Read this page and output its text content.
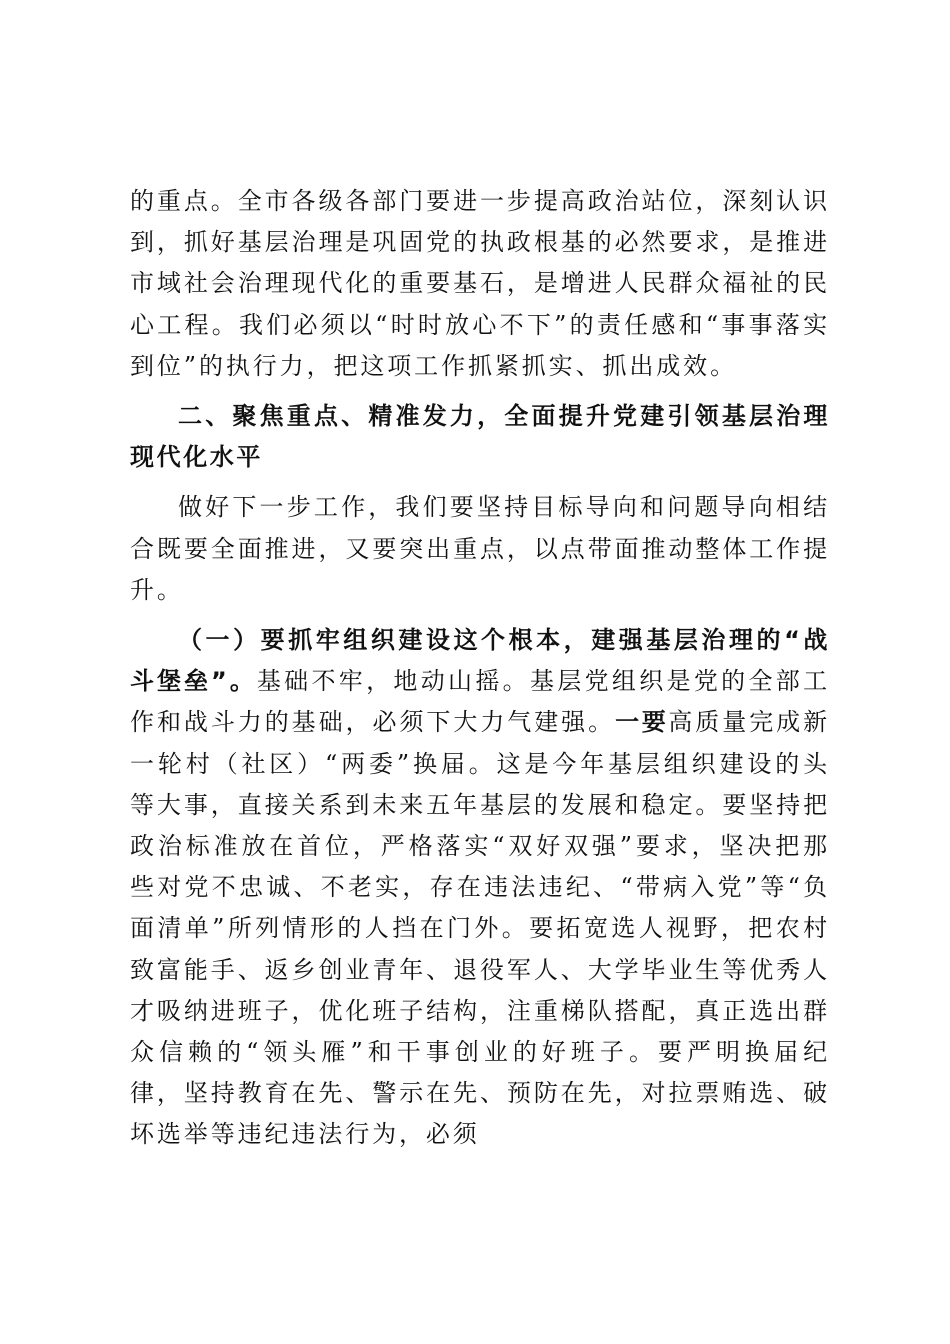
的重点。全市各级各部门要进一步提高政治站位，深刻认识到，抓好基层治理是巩固党的执政根基的必然要求，是推进市域社会治理现代化的重要基石，是增进人民群众福祉的民心工程。我们必须以“时时放心不下”的责任感和“事事落实到位”的执行力，把这项工作抓紧抓实、抓出成效。

二、聚焦重点、精准发力，全面提升党建引领基层治理现代化水平

做好下一步工作，我们要坚持目标导向和问题导向相结合既要全面推进，又要突出重点，以点带面推动整体工作提升。

（一）要抓牢组织建设这个根本，建强基层治理的“战斗堡垒”。基础不牢，地动山摇。基层党组织是党的全部工作和战斗力的基础，必须下大力气建强。一要高质量完成新一轮村（社区）“两委”换届。这是今年基层组织建设的头等大事，直接关系到未来五年基层的发展和稳定。要坚持把政治标准放在首位，严格落实“双好双强”要求，坚决把那些对党不忠诚、不老实，存在违法违纪、“带病入党”等“负面清单”所列情形的人挡在门外。要拓宽选人视野，把农村致富能手、返乡创业青年、退役军人、大学毕业生等优秀人才吸纳进班子，优化班子结构，注重梯队搭配，真正选出群众信赖的“领头雁”和干事创业的好班子。要严明换届纪律，坚持教育在先、警示在先、预防在先，对拉票贿选、破坏选举等违纪违法行为，必须
